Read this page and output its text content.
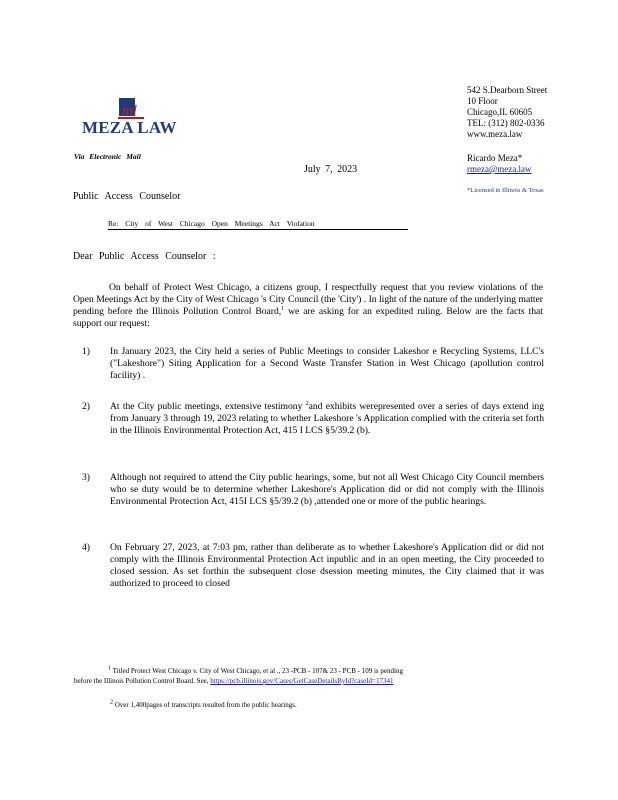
ml
MEZA LAW
542 S.Dearborn Street
10 Floor
Chicago,IL 60605
TEL: (312) 802-0336
www.meza.law
Ricardo Meza*
rmeza@meza.law
*Licensed in Illinois & Texas
Via Electronic Mail
July 7, 2023
Public Access Counselor
Re: City of West Chicago Open Meetings Act Violation
Dear Public Access Counselor :
On behalf of Protect West Chicago, a citizens group, I respectfully request that you review violations of the Open Meetings Act by the City of West Chicago 's City Council (the 'City') . In light of the nature of the underlying matter pending before the Illinois Pollution Control Board,$^1$ we are asking for an expedited ruling. Below are the facts that support our request:
1)	In January 2023, the City held a series of Public Meetings to consider Lakeshor e Recycling Systems, LLC's ("Lakeshore") Siting Application for a Second Waste Transfer Station in West Chicago (apollution control facility) .
2)	At the City public meetings, extensive testimony $^2$and exhibits werepresented over a series of days extend ing from January 3 through 19, 2023 relating to whether Lakeshore 's Application complied with the criteria set forth in the Illinois Environmental Protection Act, 415 I LCS §5/39.2 (b).
3)	Although not required to attend the City public hearings, some, but not all West Chicago City Council members who se duty would be to determine whether Lakeshore's Application did or did not comply with the Illinois Environmental Protection Act, 415I LCS §5/39.2 (b) ,attended one or more of the public hearings.
4)	On February 27, 2023, at 7:03 pm, rather than deliberate as to whether Lakeshore's Application did or did not comply with the Illinois Environmental Protection Act inpublic and in an open meeting, the City proceeded to closed session. As set forthin the subsequent close dsession meeting minutes, the City claimed that it was authorized to proceed to closed
$^1$ Titled Protect West Chicago v. City of West Chicago, et al ., 23 -PCB - 107& 23 - PCB - 109 is pending
before the Illinois Pollution Control Board. See, https://pcb.illinois.gov/Cases/GetCaseDetailsById?caseId=17341
$^2$ Over 1,400pages of transcripts resulted from the public hearings.
